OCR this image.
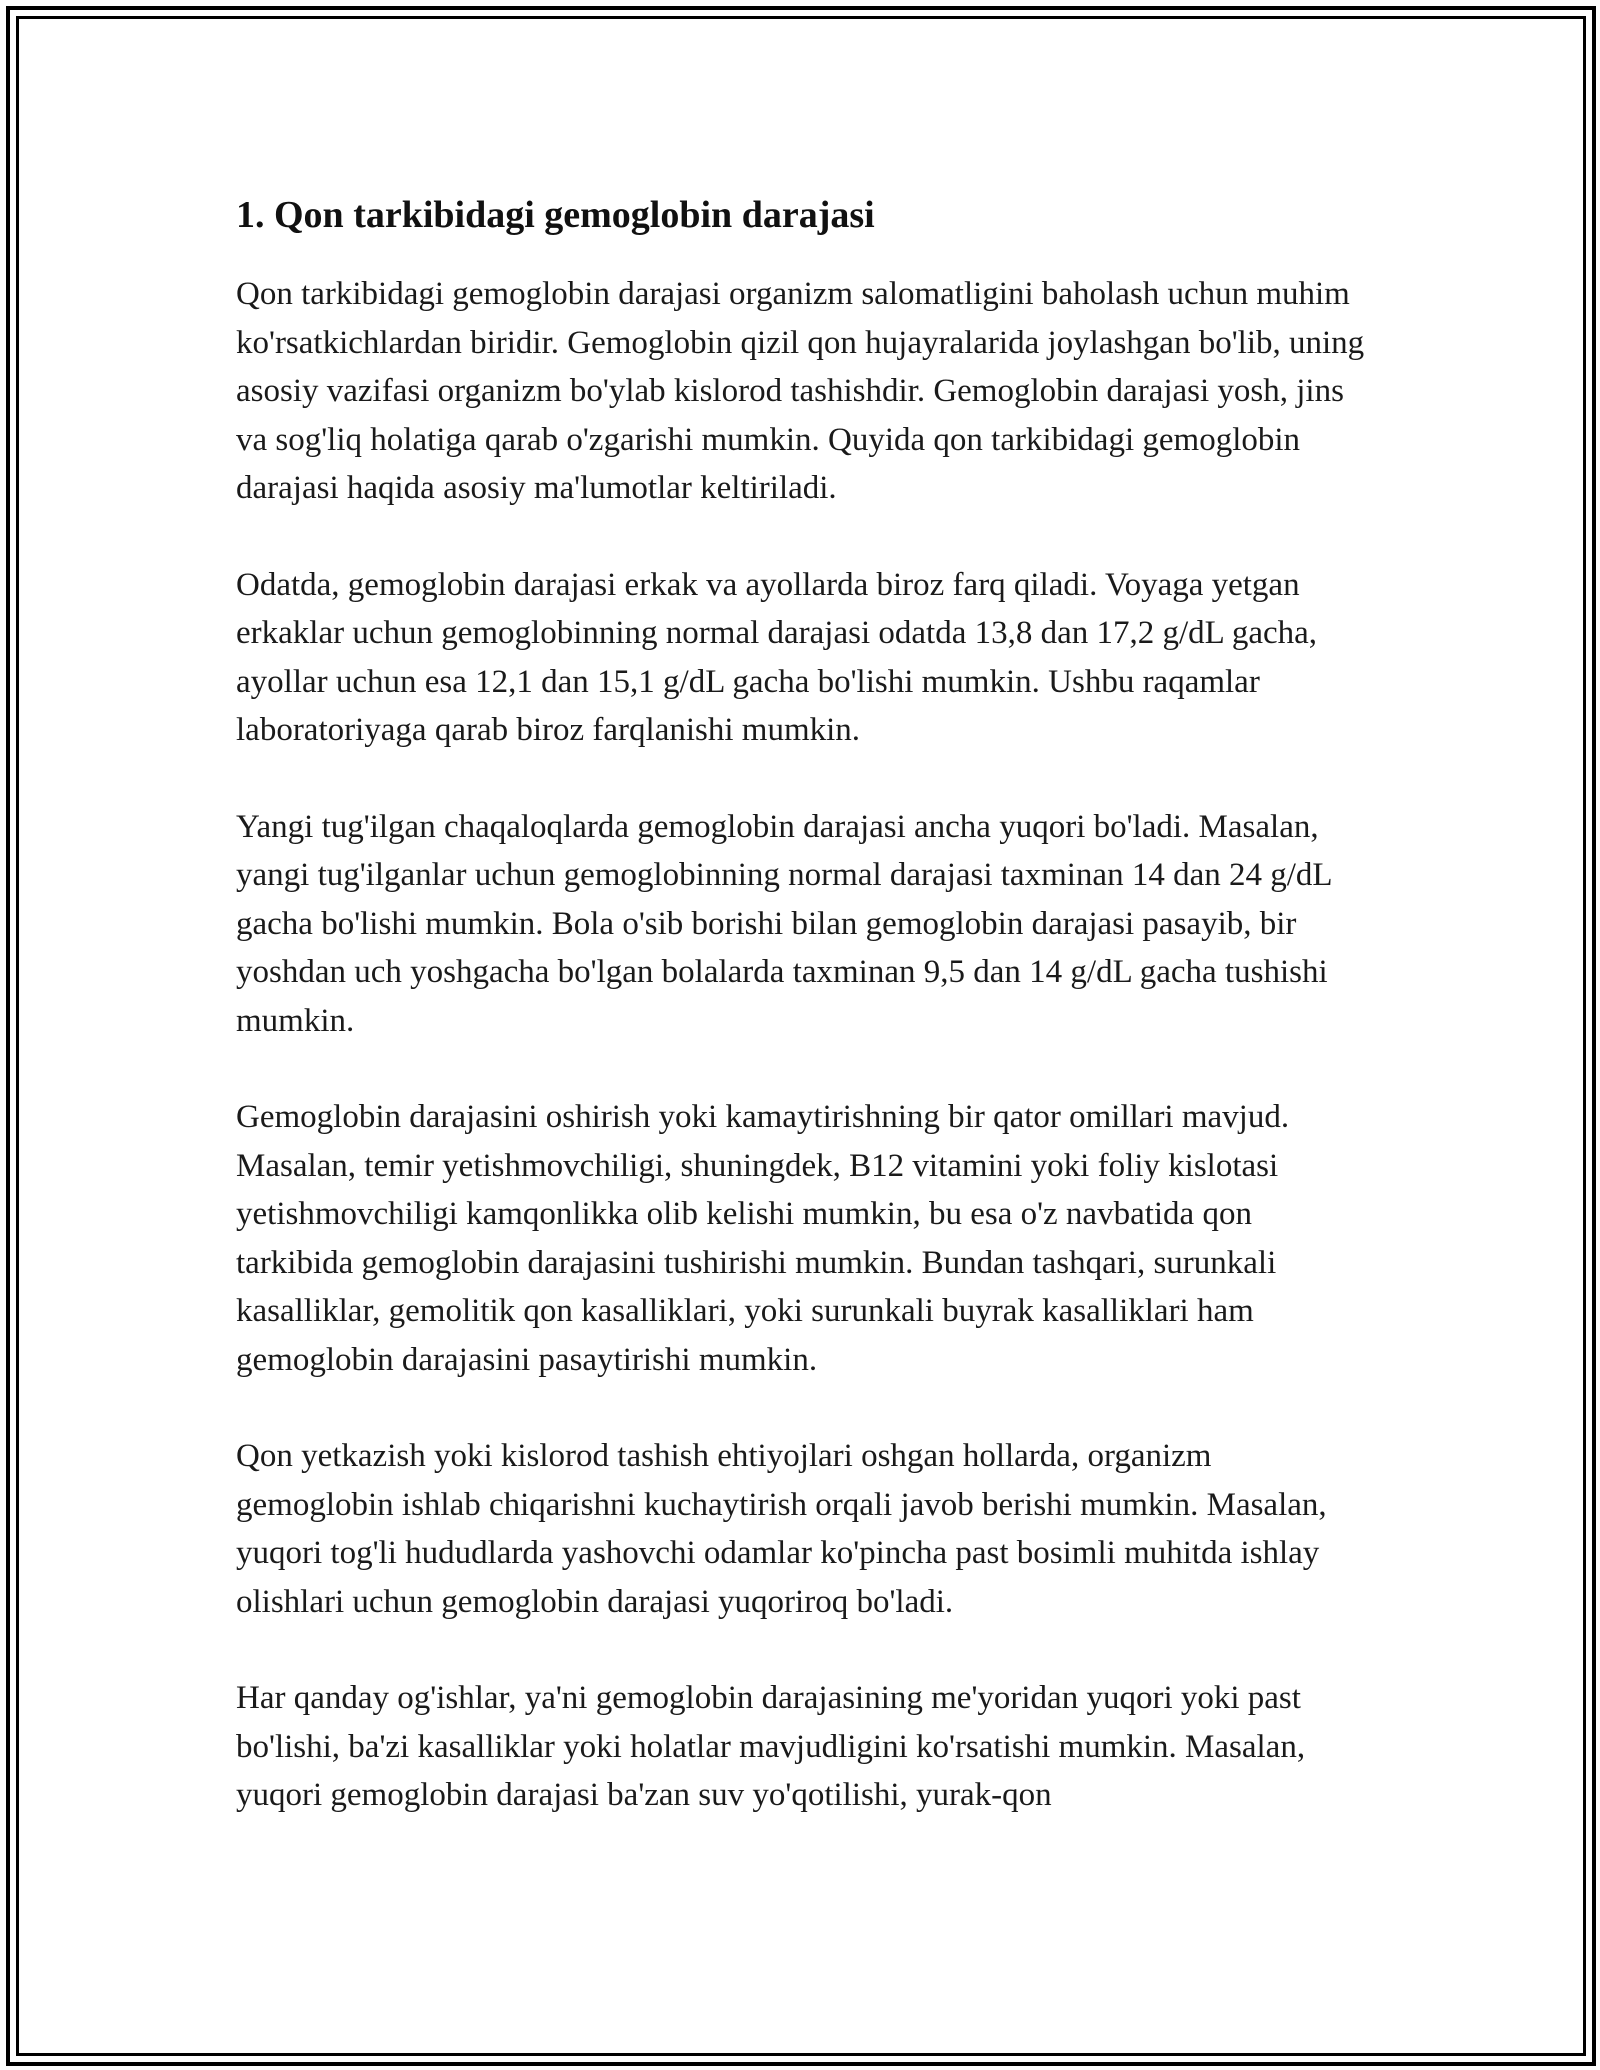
1. Qon tarkibidagi gemoglobin darajasi

Qon tarkibidagi gemoglobin darajasi organizm salomatligini baholash uchun muhim ko'rsatkichlardan biridir. Gemoglobin qizil qon hujayralarida joylashgan bo'lib, uning asosiy vazifasi organizm bo'ylab kislorod tashishdir. Gemoglobin darajasi yosh, jins va sog'liq holatiga qarab o'zgarishi mumkin. Quyida qon tarkibidagi gemoglobin darajasi haqida asosiy ma'lumotlar keltiriladi.

Odatda, gemoglobin darajasi erkak va ayollarda biroz farq qiladi. Voyaga yetgan erkaklar uchun gemoglobinning normal darajasi odatda 13,8 dan 17,2 g/dL gacha, ayollar uchun esa 12,1 dan 15,1 g/dL gacha bo'lishi mumkin. Ushbu raqamlar laboratoriyaga qarab biroz farqlanishi mumkin.

Yangi tug'ilgan chaqaloqlarda gemoglobin darajasi ancha yuqori bo'ladi. Masalan, yangi tug'ilganlar uchun gemoglobinning normal darajasi taxminan 14 dan 24 g/dL gacha bo'lishi mumkin. Bola o'sib borishi bilan gemoglobin darajasi pasayib, bir yoshdan uch yoshgacha bo'lgan bolalarda taxminan 9,5 dan 14 g/dL gacha tushishi mumkin.

Gemoglobin darajasini oshirish yoki kamaytirishning bir qator omillari mavjud. Masalan, temir yetishmovchiligi, shuningdek, B12 vitamini yoki foliy kislotasi yetishmovchiligi kamqonlikka olib kelishi mumkin, bu esa o'z navbatida qon tarkibida gemoglobin darajasini tushirishi mumkin. Bundan tashqari, surunkali kasalliklar, gemolitik qon kasalliklari, yoki surunkali buyrak kasalliklari ham gemoglobin darajasini pasaytirishi mumkin.

Qon yetkazish yoki kislorod tashish ehtiyojlari oshgan hollarda, organizm gemoglobin ishlab chiqarishni kuchaytirish orqali javob berishi mumkin. Masalan, yuqori tog'li hududlarda yashovchi odamlar ko'pincha past bosimli muhitda ishlay olishlari uchun gemoglobin darajasi yuqoriroq bo'ladi.

Har qanday og'ishlar, ya'ni gemoglobin darajasining me'yoridan yuqori yoki past bo'lishi, ba'zi kasalliklar yoki holatlar mavjudligini ko'rsatishi mumkin. Masalan, yuqori gemoglobin darajasi ba'zan suv yo'qotilishi, yurak-qon
